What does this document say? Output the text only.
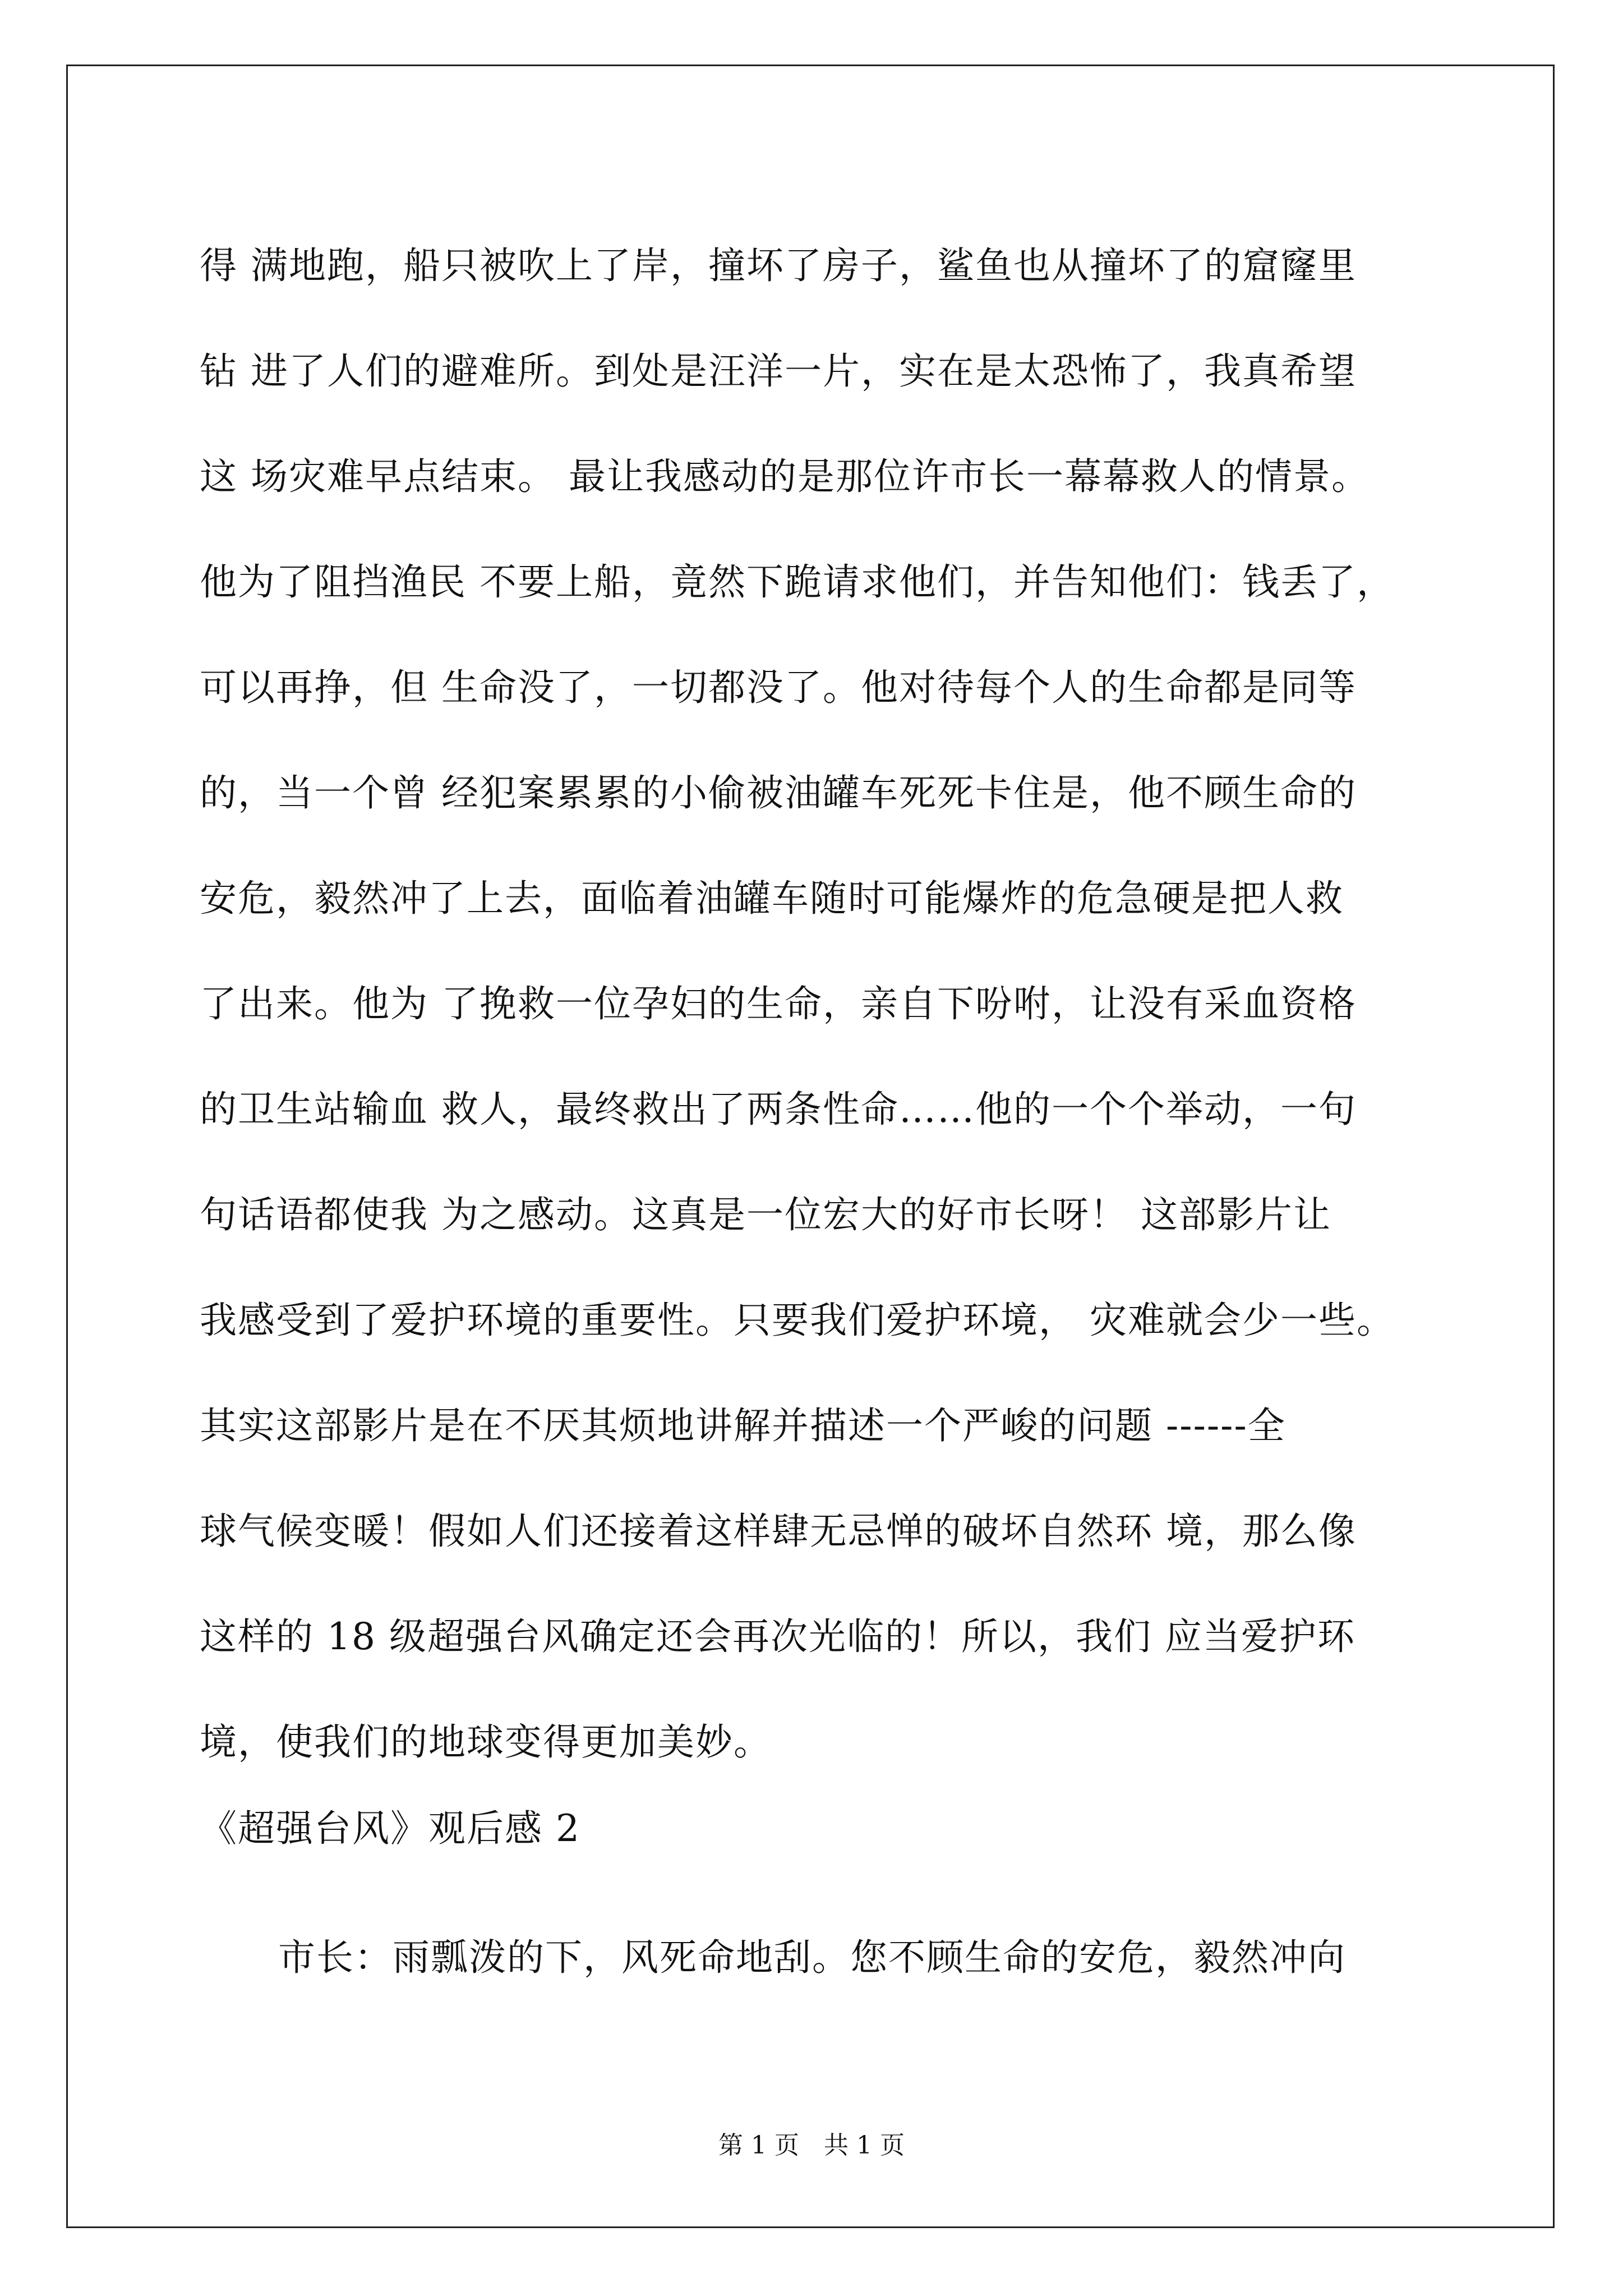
得 满地跑，船只被吹上了岸，撞坏了房子，鲨鱼也从撞坏了的窟窿里
钻 进了人们的避难所。到处是汪洋一片，实在是太恐怖了，我真希望
这 场灾难早点结束。 最让我感动的是那位许市长一幕幕救人的情景。
他为了阻挡渔民 不要上船，竟然下跪请求他们，并告知他们：钱丢了，
可以再挣，但 生命没了，一切都没了。他对待每个人的生命都是同等
的，当一个曾 经犯案累累的小偷被油罐车死死卡住是，他不顾生命的
安危，毅然冲了上去，面临着油罐车随时可能爆炸的危急硬是把人救
了出来。他为 了挽救一位孕妇的生命，亲自下吩咐，让没有采血资格
的卫生站输血 救人，最终救出了两条性命……他的一个个举动，一句
句话语都使我 为之感动。这真是一位宏大的好市长呀！ 这部影片让
我感受到了爱护环境的重要性。只要我们爱护环境， 灾难就会少一些。
其实这部影片是在不厌其烦地讲解并描述一个严峻的问题 ------全
球气候变暖！假如人们还接着这样肆无忌惮的破坏自然环 境，那么像
这样的 18 级超强台风确定还会再次光临的！所以，我们 应当爱护环
境，使我们的地球变得更加美妙。
《超强台风》观后感 2
市长：雨瓢泼的下，风死命地刮。您不顾生命的安危，毅然冲向
第 1 页　共 1 页
